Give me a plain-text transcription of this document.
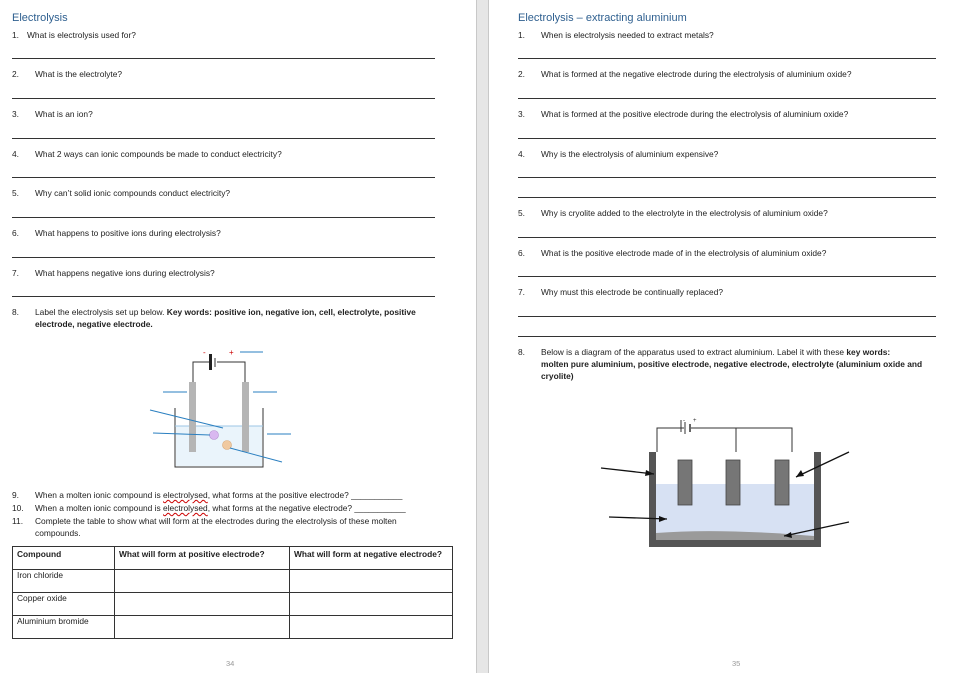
Electrolysis
1. What is electrolysis used for?
2. What is the electrolyte?
3. What is an ion?
4. What 2 ways can ionic compounds be made to conduct electricity?
5. Why can’t solid ionic compounds conduct electricity?
6. What happens to positive ions during electrolysis?
7. What happens negative ions during electrolysis?
8. Label the electrolysis set up below. Key words: positive ion, negative ion, cell, electrolyte, positive
electrode, negative electrode.
-	+
9. When a molten ionic compound is electrolysed, what forms at the positive electrode? ___________
10. When a molten ionic compound is electrolysed, what forms at the negative electrode? ___________
11. Complete the table to show what will form at the electrodes during the electrolysis of these molten
compounds.
Compound	What will form at positive electrode?	What will form at negative electrode?
Iron chloride		
Copper oxide		
Aluminium bromide		
34
Electrolysis – extracting aluminium
1. When is electrolysis needed to extract metals?
2. What is formed at the negative electrode during the electrolysis of aluminium oxide?
3. What is formed at the positive electrode during the electrolysis of aluminium oxide?
4. Why is the electrolysis of aluminium expensive?
5. Why is cryolite added to the electrolyte in the electrolysis of aluminium oxide?
6. What is the positive electrode made of in the electrolysis of aluminium oxide?
7. Why must this electrode be continually replaced?
8. Below is a diagram of the apparatus used to extract aluminium. Label it with these key words:
molten pure aluminium, positive electrode, negative electrode, electrolyte (aluminium oxide and
cryolite)
- +
35
